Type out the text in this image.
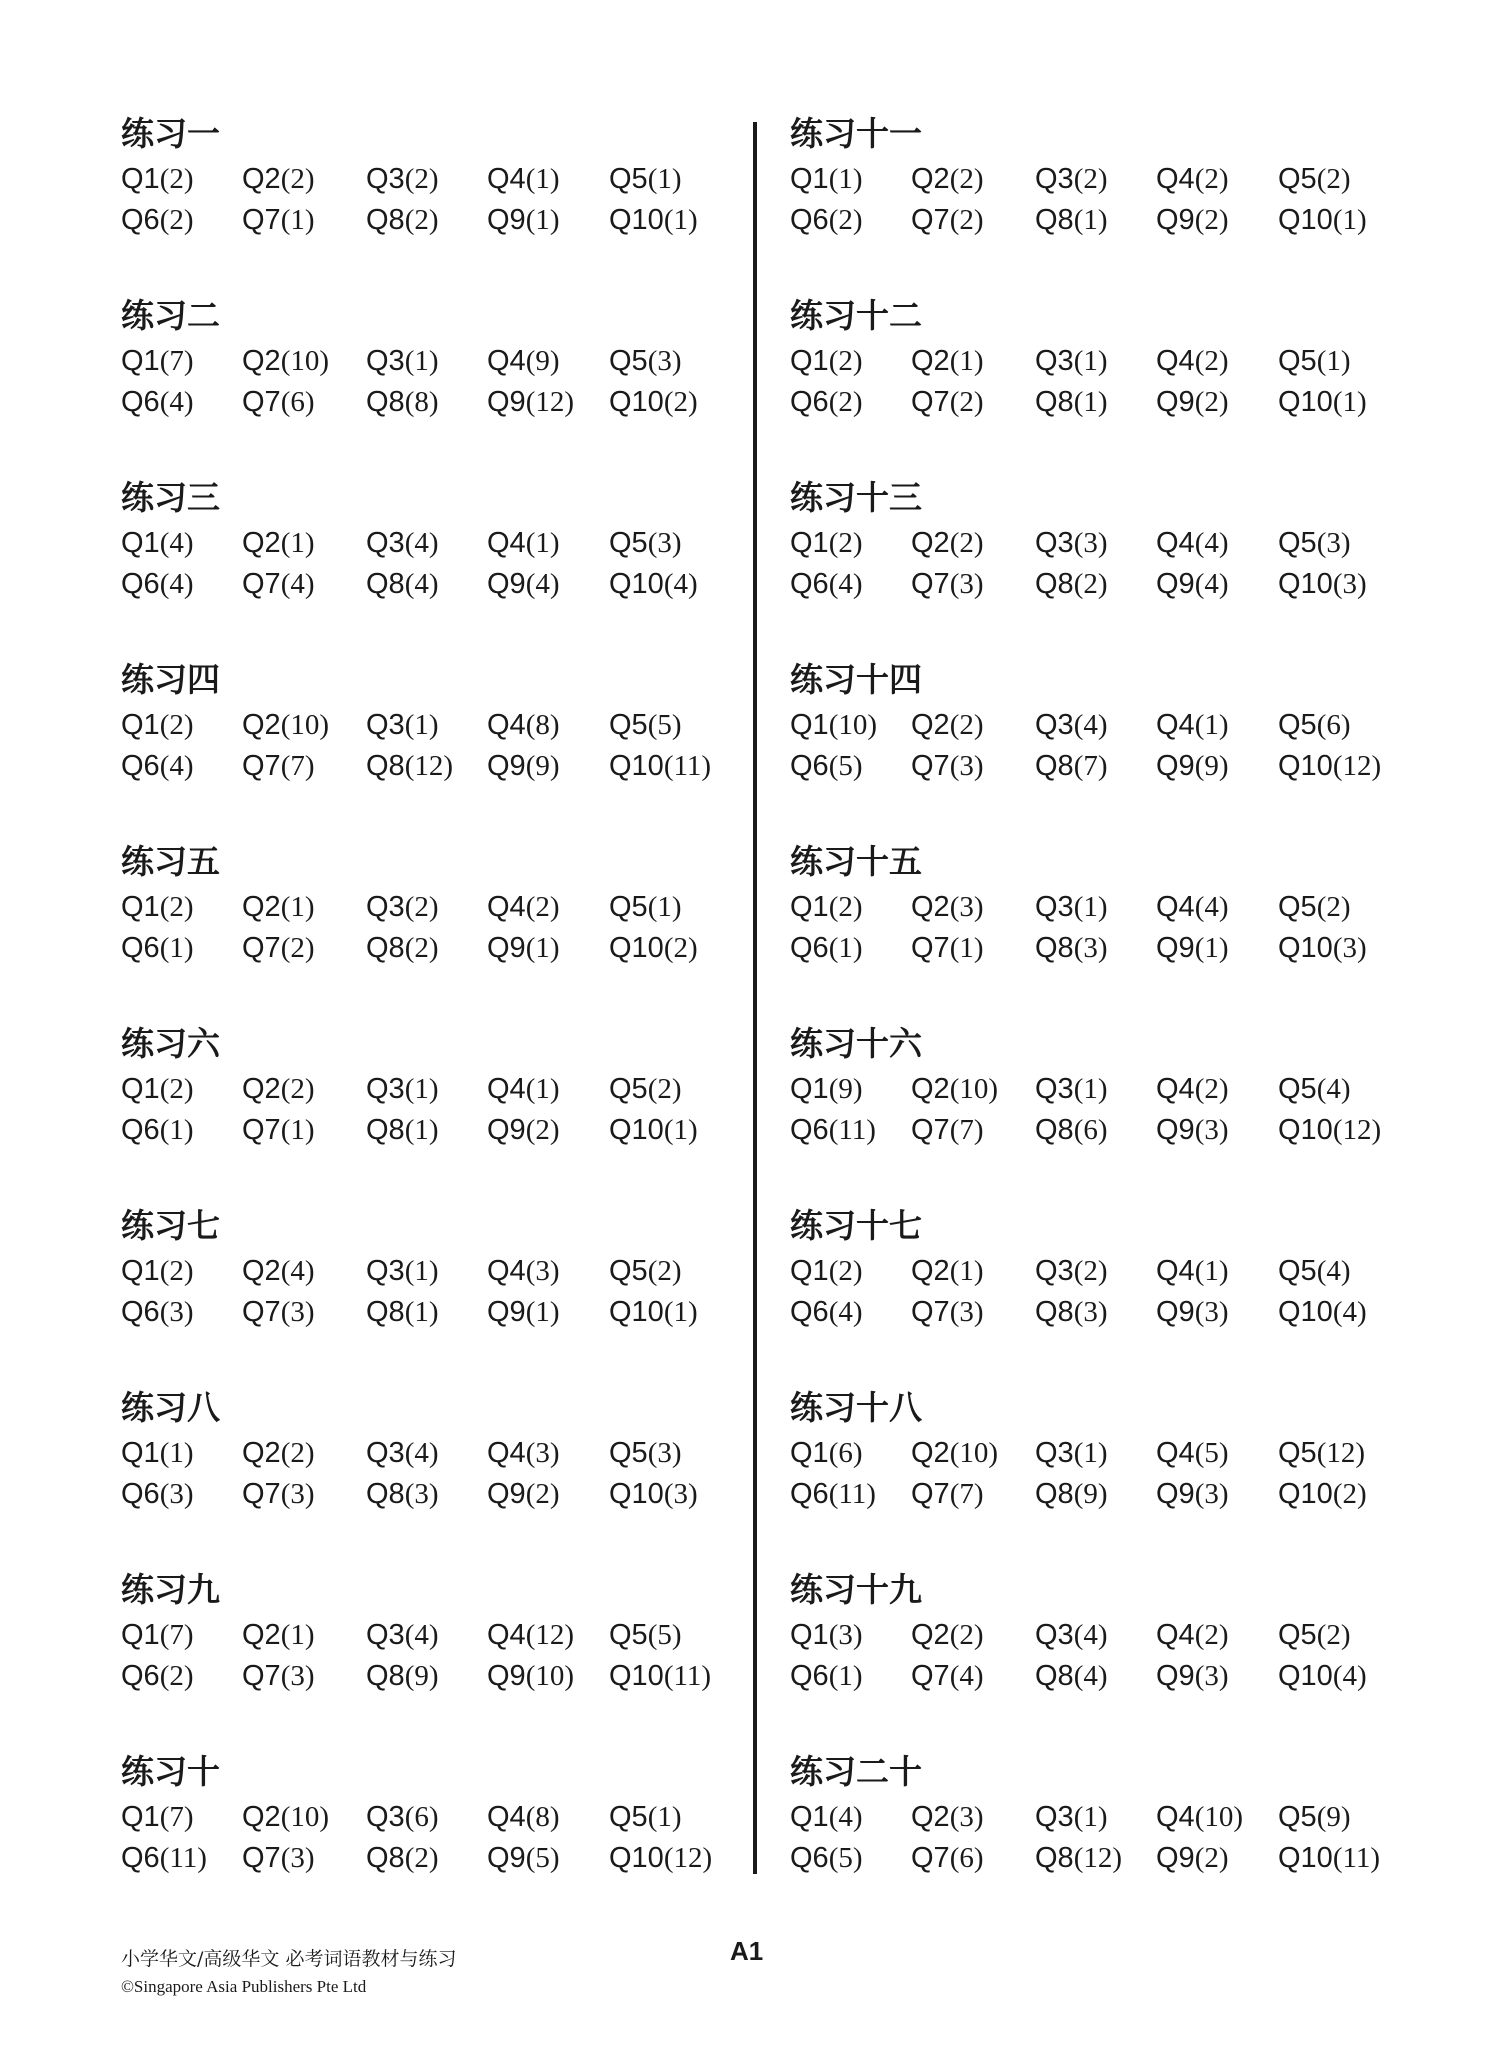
练习一
Q1(2)	Q2(2)	Q3(2)	Q4(1)	Q5(1)
Q6(2)	Q7(1)	Q8(2)	Q9(1)	Q10(1)
练习二
Q1(7)	Q2(10)	Q3(1)	Q4(9)	Q5(3)
Q6(4)	Q7(6)	Q8(8)	Q9(12)	Q10(2)
练习三
Q1(4)	Q2(1)	Q3(4)	Q4(1)	Q5(3)
Q6(4)	Q7(4)	Q8(4)	Q9(4)	Q10(4)
练习四
Q1(2)	Q2(10)	Q3(1)	Q4(8)	Q5(5)
Q6(4)	Q7(7)	Q8(12)	Q9(9)	Q10(11)
练习五
Q1(2)	Q2(1)	Q3(2)	Q4(2)	Q5(1)
Q6(1)	Q7(2)	Q8(2)	Q9(1)	Q10(2)
练习六
Q1(2)	Q2(2)	Q3(1)	Q4(1)	Q5(2)
Q6(1)	Q7(1)	Q8(1)	Q9(2)	Q10(1)
练习七
Q1(2)	Q2(4)	Q3(1)	Q4(3)	Q5(2)
Q6(3)	Q7(3)	Q8(1)	Q9(1)	Q10(1)
练习八
Q1(1)	Q2(2)	Q3(4)	Q4(3)	Q5(3)
Q6(3)	Q7(3)	Q8(3)	Q9(2)	Q10(3)
练习九
Q1(7)	Q2(1)	Q3(4)	Q4(12)	Q5(5)
Q6(2)	Q7(3)	Q8(9)	Q9(10)	Q10(11)
练习十
Q1(7)	Q2(10)	Q3(6)	Q4(8)	Q5(1)
Q6(11)	Q7(3)	Q8(2)	Q9(5)	Q10(12)
练习十一
Q1(1)	Q2(2)	Q3(2)	Q4(2)	Q5(2)
Q6(2)	Q7(2)	Q8(1)	Q9(2)	Q10(1)
练习十二
Q1(2)	Q2(1)	Q3(1)	Q4(2)	Q5(1)
Q6(2)	Q7(2)	Q8(1)	Q9(2)	Q10(1)
练习十三
Q1(2)	Q2(2)	Q3(3)	Q4(4)	Q5(3)
Q6(4)	Q7(3)	Q8(2)	Q9(4)	Q10(3)
练习十四
Q1(10)	Q2(2)	Q3(4)	Q4(1)	Q5(6)
Q6(5)	Q7(3)	Q8(7)	Q9(9)	Q10(12)
练习十五
Q1(2)	Q2(3)	Q3(1)	Q4(4)	Q5(2)
Q6(1)	Q7(1)	Q8(3)	Q9(1)	Q10(3)
练习十六
Q1(9)	Q2(10)	Q3(1)	Q4(2)	Q5(4)
Q6(11)	Q7(7)	Q8(6)	Q9(3)	Q10(12)
练习十七
Q1(2)	Q2(1)	Q3(2)	Q4(1)	Q5(4)
Q6(4)	Q7(3)	Q8(3)	Q9(3)	Q10(4)
练习十八
Q1(6)	Q2(10)	Q3(1)	Q4(5)	Q5(12)
Q6(11)	Q7(7)	Q8(9)	Q9(3)	Q10(2)
练习十九
Q1(3)	Q2(2)	Q3(4)	Q4(2)	Q5(2)
Q6(1)	Q7(4)	Q8(4)	Q9(3)	Q10(4)
练习二十
Q1(4)	Q2(3)	Q3(1)	Q4(10)	Q5(9)
Q6(5)	Q7(6)	Q8(12)	Q9(2)	Q10(11)
小学华文/高级华文 必考词语教材与练习
©Singapore Asia Publishers Pte Ltd
A1
